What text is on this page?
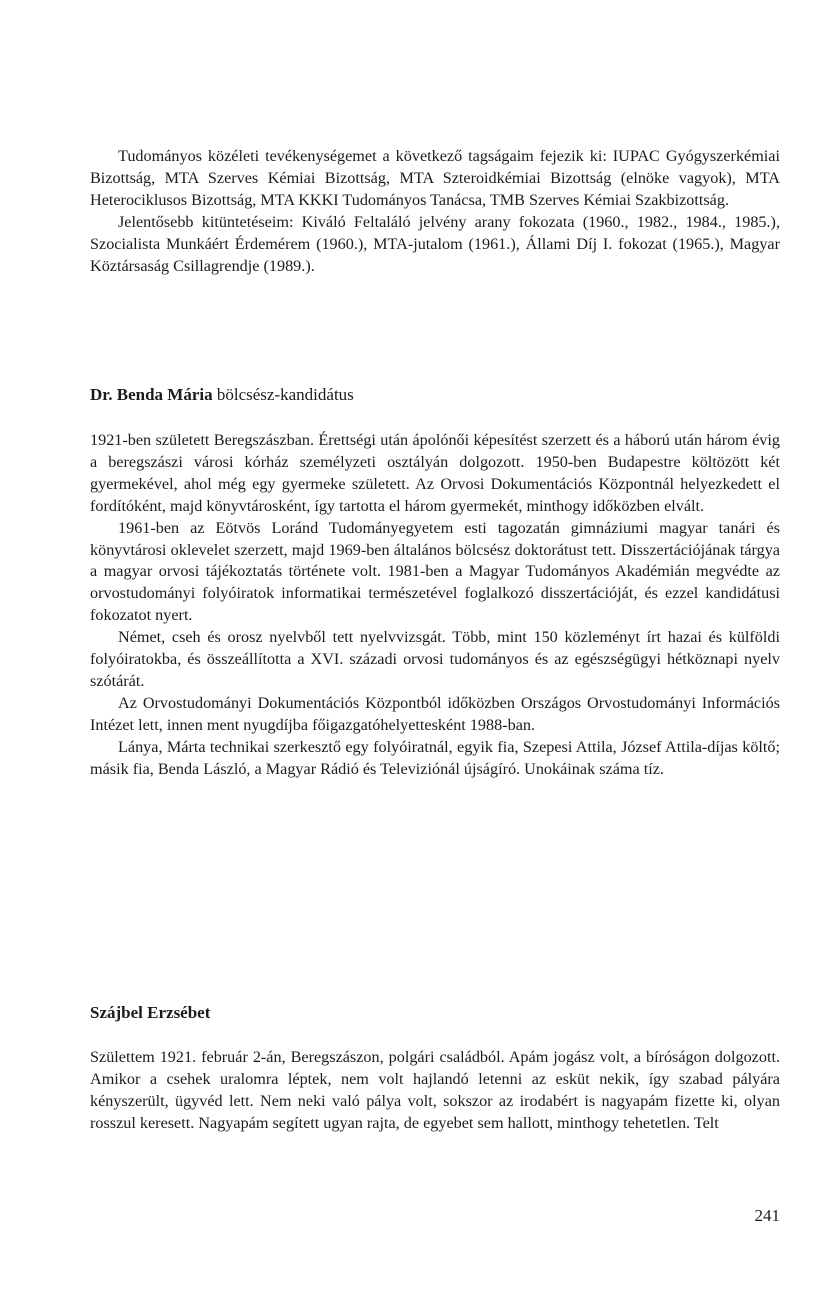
Tudományos közéleti tevékenységemet a következő tagságaim fejezik ki: IUPAC Gyógyszerkémiai Bizottság, MTA Szerves Kémiai Bizottság, MTA Szteroidkémiai Bizottság (elnöke vagyok), MTA Heterociklusos Bizottság, MTA KKKI Tudományos Tanácsa, TMB Szerves Kémiai Szakbizottság.

Jelentősebb kitüntetéseim: Kiváló Feltaláló jelvény arany fokozata (1960., 1982., 1984., 1985.), Szocialista Munkáért Érdemérem (1960.), MTA-jutalom (1961.), Állami Díj I. fokozat (1965.), Magyar Köztársaság Csillagrendje (1989.).

Dr. Benda Mária bölcsész-kandidátus

1921-ben született Beregszászban. Érettségi után ápolónői képesítést szerzett és a háború után három évig a beregszászi városi kórház személyzeti osztályán dolgozott. 1950-ben Budapestre költözött két gyermekével, ahol még egy gyermeke született. Az Orvosi Dokumentációs Központnál helyezkedett el fordítóként, majd könyvtárosként, így tartotta el három gyermekét, minthogy időközben elvált.

1961-ben az Eötvös Loránd Tudományegyetem esti tagozatán gimnáziumi magyar tanári és könyvtárosi oklevelet szerzett, majd 1969-ben általános bölcsész doktorátust tett. Disszertációjának tárgya a magyar orvosi tájékoztatás története volt. 1981-ben a Magyar Tudományos Akadémián megvédte az orvostudományi folyóiratok informatikai természetével foglalkozó disszertációját, és ezzel kandidátusi fokozatot nyert.

Német, cseh és orosz nyelvből tett nyelvvizsgát. Több, mint 150 közleményt írt hazai és külföldi folyóiratokba, és összeállította a XVI. századi orvosi tudományos és az egészségügyi hétköznapi nyelv szótárát.

Az Orvostudományi Dokumentációs Központból időközben Országos Orvostudományi Információs Intézet lett, innen ment nyugdíjba főigazgatóhelyettesként 1988-ban.

Lánya, Márta technikai szerkesztő egy folyóiratnál, egyik fia, Szepesi Attila, József Attila-díjas költő; másik fia, Benda László, a Magyar Rádió és Televiziónál újságíró. Unokáinak száma tíz.

Szájbel Erzsébet

Születtem 1921. február 2-án, Beregszászon, polgári családból. Apám jogász volt, a bíróságon dolgozott. Amikor a csehek uralomra léptek, nem volt hajlandó letenni az esküt nekik, így szabad pályára kényszerült, ügyvéd lett. Nem neki való pálya volt, sokszor az irodabért is nagyapám fizette ki, olyan rosszul keresett. Nagyapám segített ugyan rajta, de egyebet sem hallott, minthogy tehetetlen. Telt

241
